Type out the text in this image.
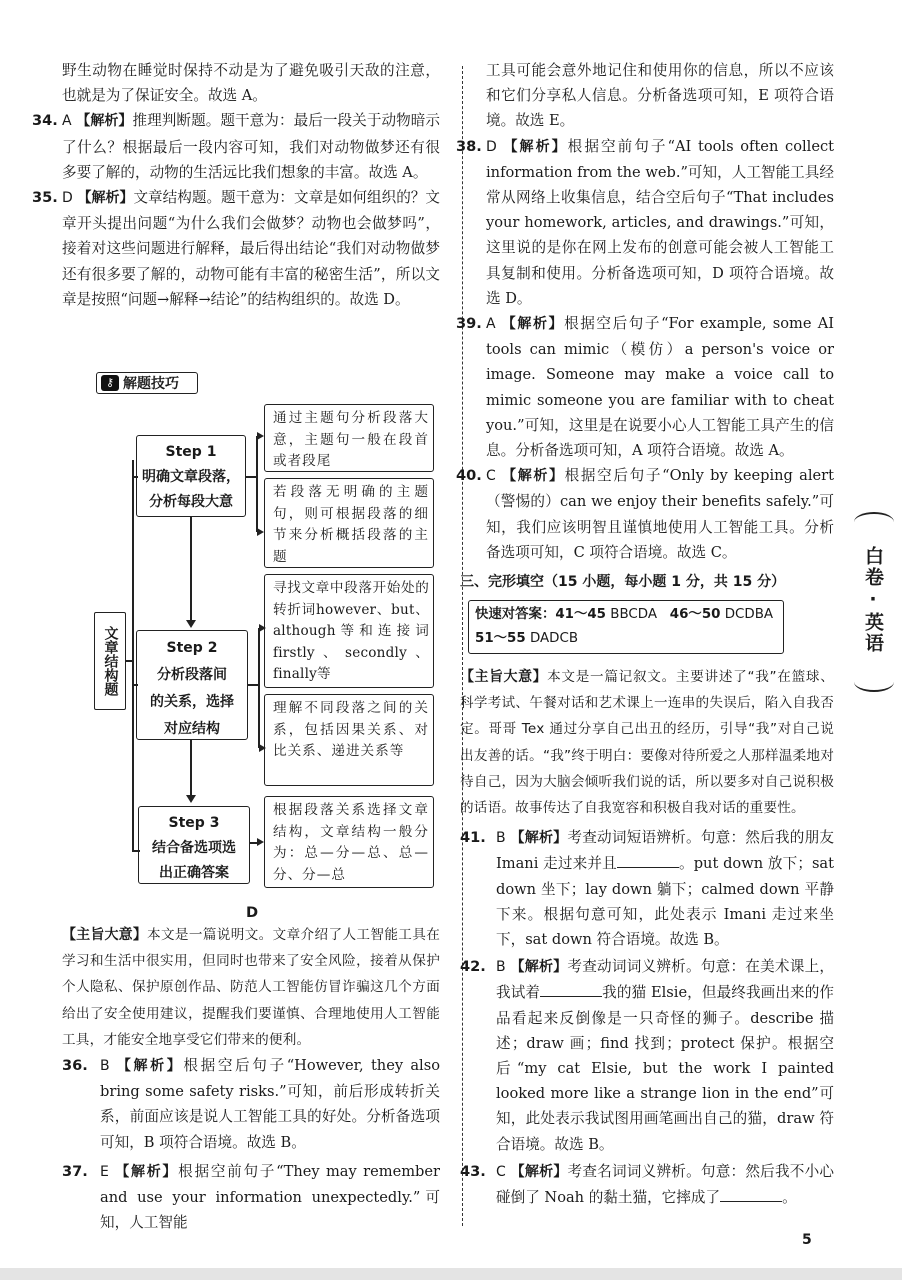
野生动物在睡觉时保持不动是为了避免吸引天敌的注意，也就是为了保证安全。故选 A。

34. A 【解析】推理判断题。题干意为：最后一段关于动物暗示了什么？根据最后一段内容可知，我们对动物做梦还有很多要了解的，动物的生活远比我们想象的丰富。故选 A。

35. D 【解析】文章结构题。题干意为：文章是如何组织的？文章开头提出问题“为什么我们会做梦？动物也会做梦吗”，接着对这些问题进行解释，最后得出结论“我们对动物做梦还有很多要了解的，动物可能有丰富的秘密生活”，所以文章是按照“问题→解释→结论”的结构组织的。故选 D。

⚷ 解题技巧
文章结构题
Step 1
明确文章段落，
分析每段大意
通过主题句分析段落大意，主题句一般在段首或者段尾
若段落无明确的主题句，则可根据段落的细节来分析概括段落的主题
Step 2
分析段落间
的关系，选择
对应结构
寻找文章中段落开始处的转折词however、but、although等和连接词firstly、secondly、finally等
理解不同段落之间的关系，包括因果关系、对比关系、递进关系等
Step 3
结合备选项选
出正确答案
根据段落关系选择文章结构，文章结构一般分为：总—分—总、总—分、分—总
D

【主旨大意】本文是一篇说明文。文章介绍了人工智能工具在学习和生活中很实用，但同时也带来了安全风险，接着从保护个人隐私、保护原创作品、防范人工智能仿冒诈骗这几个方面给出了安全使用建议，提醒我们要谨慎、合理地使用人工智能工具，才能安全地享受它们带来的便利。

36. B 【解析】根据空后句子“However, they also bring some safety risks.”可知，前后形成转折关系，前面应该是说人工智能工具的好处。分析备选项可知，B 项符合语境。故选 B。

37. E 【解析】根据空前句子“They may remember and use your information unexpectedly.”可知，人工智能

工具可能会意外地记住和使用你的信息，所以不应该和它们分享私人信息。分析备选项可知，E 项符合语境。故选 E。

38. D 【解析】根据空前句子“AI tools often collect information from the web.”可知，人工智能工具经常从网络上收集信息，结合空后句子“That includes your homework, articles, and drawings.”可知，这里说的是你在网上发布的创意可能会被人工智能工具复制和使用。分析备选项可知，D 项符合语境。故选 D。

39. A 【解析】根据空后句子“For example, some AI tools can mimic（模仿）a person's voice or image. Someone may make a voice call to mimic someone you are familiar with to cheat you.”可知，这里是在说要小心人工智能工具产生的信息。分析备选项可知，A 项符合语境。故选 A。

40. C 【解析】根据空后句子“Only by keeping alert（警惕的）can we enjoy their benefits safely.”可知，我们应该明智且谨慎地使用人工智能工具。分析备选项可知，C 项符合语境。故选 C。

三、完形填空（15 小题，每小题 1 分，共 15 分）

快速对答案：41～45 BBCDA 46～50 DCDBA
51～55 DADCB

【主旨大意】本文是一篇记叙文。主要讲述了“我”在篮球、科学考试、午餐对话和艺术课上一连串的失误后，陷入自我否定。哥哥 Tex 通过分享自己出丑的经历，引导“我”对自己说出友善的话。“我”终于明白：要像对待所爱之人那样温柔地对待自己，因为大脑会倾听我们说的话，所以要多对自己说积极的话语。故事传达了自我宽容和积极自我对话的重要性。

41. B 【解析】考查动词短语辨析。句意：然后我的朋友 Imani 走过来并且	。put down 放下；sat down 坐下；lay down 躺下；calmed down 平静下来。根据句意可知，此处表示 Imani 走过来坐下，sat down 符合语境。故选 B。

42. B 【解析】考查动词词义辨析。句意：在美术课上，我试着	我的猫 Elsie，但最终我画出来的作品看起来反倒像是一只奇怪的狮子。describe 描述；draw 画；find 找到；protect 保护。根据空后“my cat Elsie, but the work I painted looked more like a strange lion in the end”可知，此处表示我试图用画笔画出自己的猫，draw 符合语境。故选 B。

43. C 【解析】考查名词词义辨析。句意：然后我不小心碰倒了 Noah 的黏土猫，它摔成了	。

白卷·英语
5
